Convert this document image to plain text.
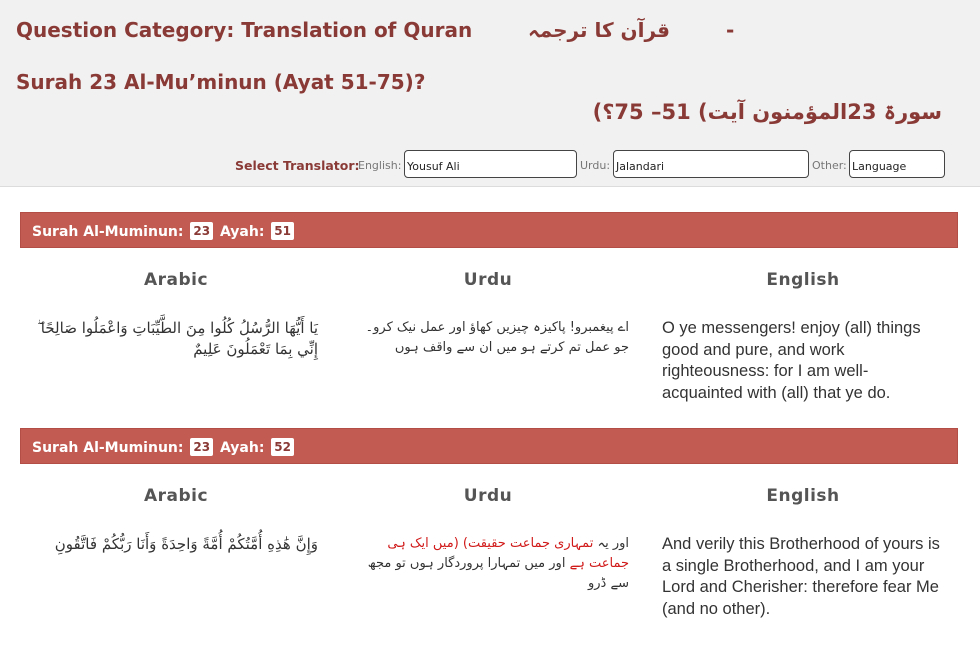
Question Category: Translation of Quran	قرآن کا ترجمہ	-
Surah 23 Al-Mu’minun (Ayat 51-75)?
سورۃ 23المؤمنون آیت) 51– 75؟)
Select Translator:
English: Yousuf Ali	Urdu: Jalandari	Other: Language
Surah Al-Muminun: 23 Ayah: 51
Arabic	Urdu	English
يَا أَيُّهَا الرُّسُلُ كُلُوا مِنَ الطَّيِّبَاتِ وَاعْمَلُوا صَالِحًا ۖ إِنِّي بِمَا تَعْمَلُونَ عَلِيمٌ
اے پیغمبرو! پاکیزہ چیزیں کھاؤ اور عمل نیک کرو۔ جو عمل تم کرتے ہو میں ان سے واقف ہوں
O ye messengers! enjoy (all) things good and pure, and work righteousness: for I am well-acquainted with (all) that ye do.
Surah Al-Muminun: 23 Ayah: 52
Arabic	Urdu	English
وَإِنَّ هَٰذِهِ أُمَّتُكُمْ أُمَّةً وَاحِدَةً وَأَنَا رَبُّكُمْ فَاتَّقُونِ	اور یہ تمہاری جماعت حقیقت) (میں ایک ہی جماعت ہے اور میں تمہارا پروردگار ہوں تو مجھ سے ڈرو
And verily this Brotherhood of yours is a single Brotherhood, and I am your Lord and Cherisher: therefore fear Me (and no other).
